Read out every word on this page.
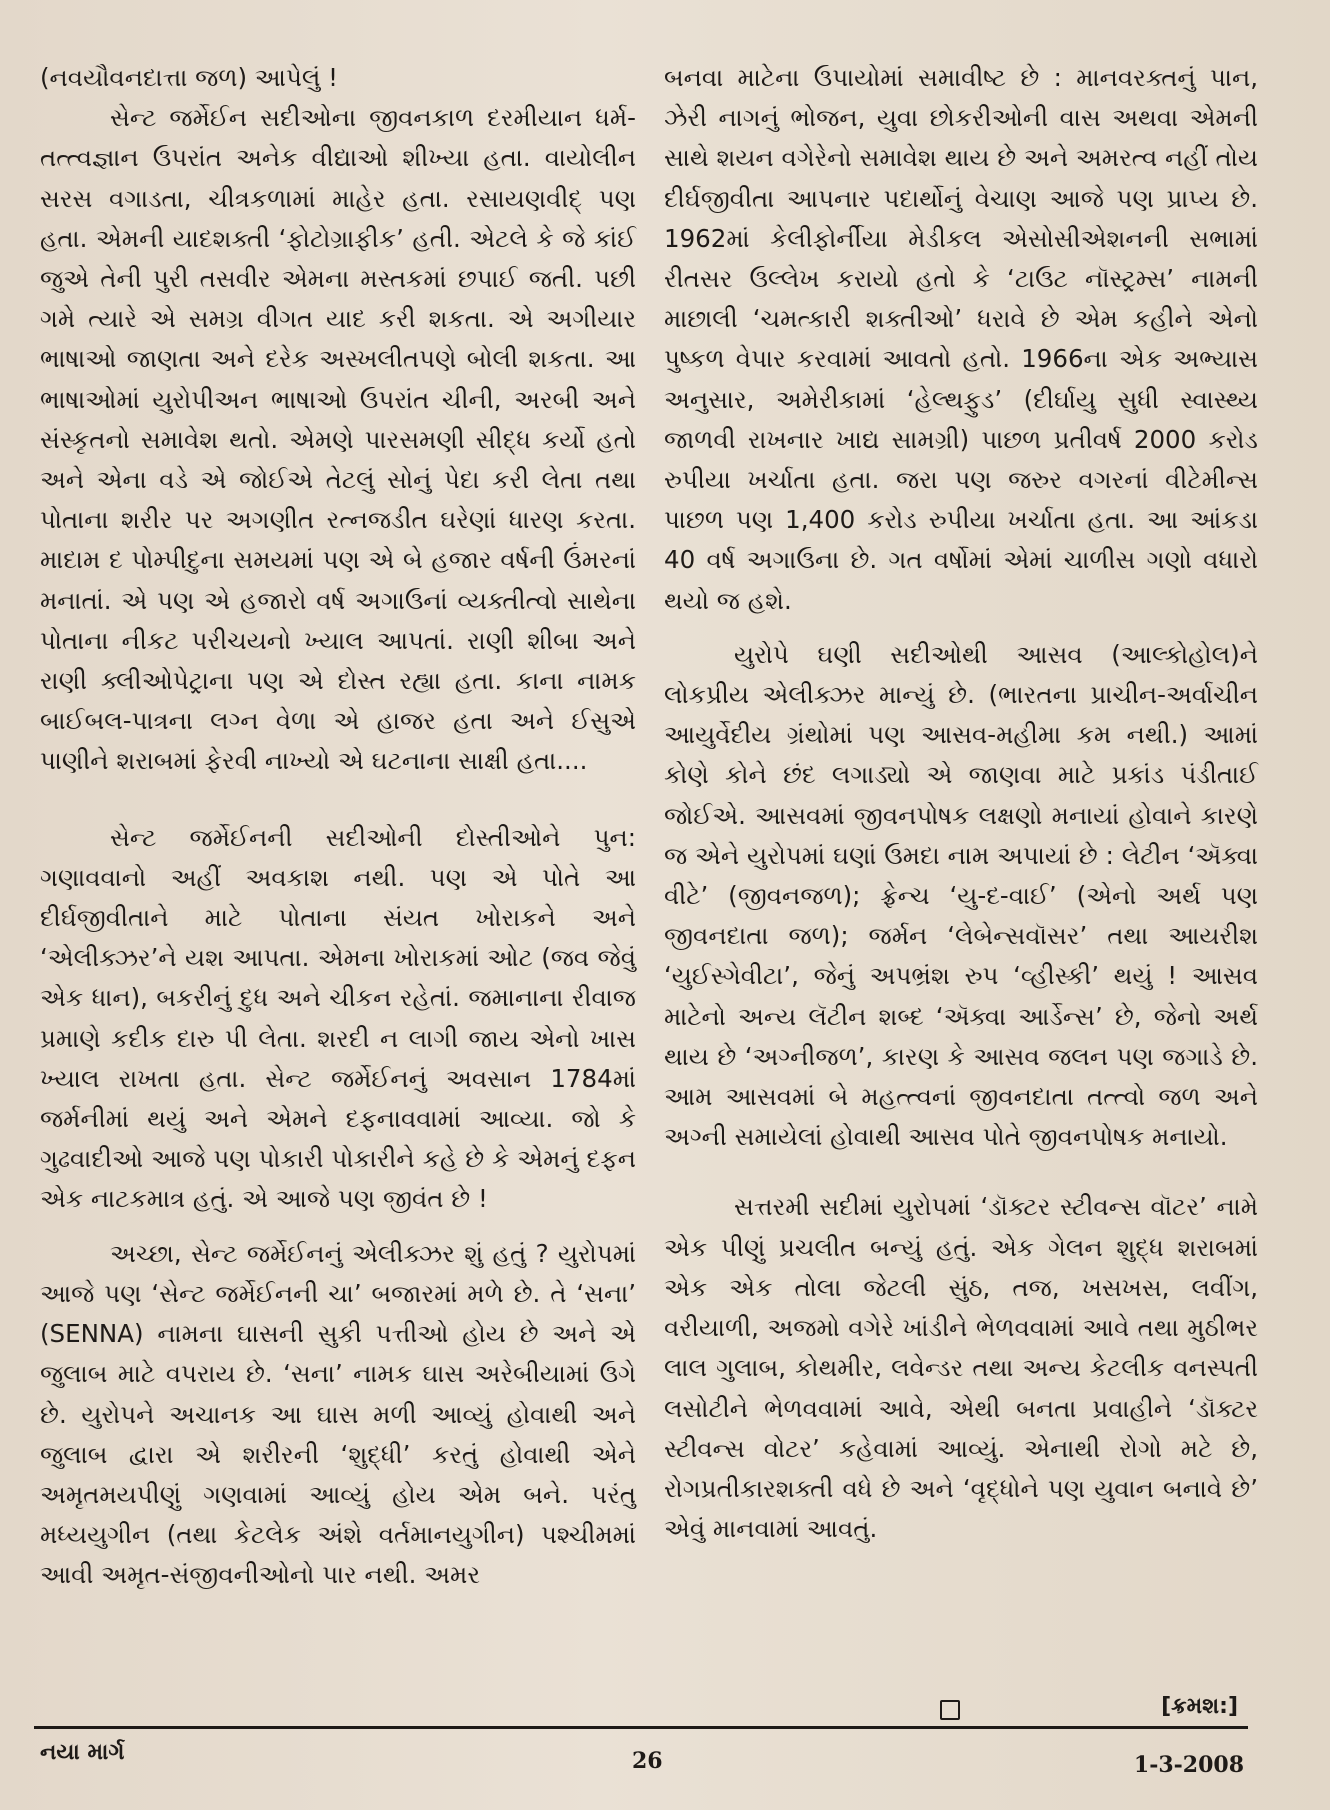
(નવયૌવનદાત્તા જળ) આપેલું !

સેન્ટ જર્મેઈન સદીઓના જીવનકાળ દરમીયાન ધર્મ-તત્ત્વજ્ઞાન ઉપરાંત અનેક વીદ્યાઓ શીખ્યા હતા. વાયોલીન સરસ વગાડતા, ચીત્રકળામાં માહેર હતા. રસાયણવીદ્ પણ હતા. એમની યાદશક્તી ‘ફોટોગ્રાફીક’ હતી. એટલે કે જે કાંઈ જુએ તેની પુરી તસવીર એમના મસ્તકમાં છપાઈ જતી. પછી ગમે ત્યારે એ સમગ્ર વીગત યાદ કરી શકતા. એ અગીયાર ભાષાઓ જાણતા અને દરેક અસ્ખલીતપણે બોલી શકતા. આ ભાષાઓમાં યુરોપીઅન ભાષાઓ ઉપરાંત ચીની, અરબી અને સંસ્કૃતનો સમાવેશ થતો. એમણે પારસમણી સીદ્ધ કર્યો હતો અને એના વડે એ જોઈએ તેટલું સોનું પેદા કરી લેતા તથા પોતાના શરીર પર અગણીત રત્નજડીત ઘરેણાં ધારણ કરતા. માદામ દ પોમ્પીદુના સમયમાં પણ એ બે હજાર વર્ષની ઉંમરનાં મનાતાં. એ પણ એ હજારો વર્ષ અગાઉનાં વ્યક્તીત્વો સાથેના પોતાના નીકટ પરીચયનો ખ્યાલ આપતાં. રાણી શીબા અને રાણી ક્લીઓપેટ્રાના પણ એ દોસ્ત રહ્યા હતા. કાના નામક બાઈબલ-પાત્રના લગ્ન વેળા એ હાજર હતા અને ઈસુએ પાણીને શરાબમાં ફેરવી નાખ્યો એ ઘટનાના સાક્ષી હતા....

સેન્ટ જર્મેઈનની સદીઓની દોસ્તીઓને પુન: ગણાવવાનો અહીં અવકાશ નથી. પણ એ પોતે આ દીર્ઘજીવીતાને માટે પોતાના સંયત ખોરાકને અને ‘એલીક્ઝર’ને યશ આપતા. એમના ખોરાકમાં ઓટ (જવ જેવું એક ધાન), બકરીનું દુધ અને ચીકન રહેતાં. જમાનાના રીવાજ પ્રમાણે કદીક દારુ પી લેતા. શરદી ન લાગી જાય એનો ખાસ ખ્યાલ રાખતા હતા. સેન્ટ જર્મેઈનનું અવસાન 1784માં જર્મનીમાં થયું અને એમને દફનાવવામાં આવ્યા. જો કે ગુઢવાદીઓ આજે પણ પોકારી પોકારીને કહે છે કે એમનું દફન એક નાટકમાત્ર હતું. એ આજે પણ જીવંત છે !

અચ્છા, સેન્ટ જર્મેઈનનું એલીક્ઝર શું હતું ? યુરોપમાં આજે પણ ‘સેન્ટ જર્મેઈનની ચા’ બજારમાં મળે છે. તે ‘સના’ (SENNA) નામના ઘાસની સુકી પત્તીઓ હોય છે અને એ જુલાબ માટે વપરાય છે. ‘સના’ નામક ઘાસ અરેબીયામાં ઉગે છે. યુરોપને અચાનક આ ઘાસ મળી આવ્યું હોવાથી અને જુલાબ દ્વારા એ શરીરની ‘શુદ્ધી’ કરતું હોવાથી એને અમૃતમયપીણું ગણવામાં આવ્યું હોય એમ બને. પરંતુ મધ્યયુગીન (તથા કેટલેક અંશે વર્તમાનયુગીન) પશ્ચીમમાં આવી અમૃત-સંજીવનીઓનો પાર નથી. અમર

બનવા માટેના ઉપાયોમાં સમાવીષ્ટ છે : માનવરક્તનું પાન, ઝેરી નાગનું ભોજન, યુવા છોકરીઓની વાસ અથવા એમની સાથે શયન વગેરેનો સમાવેશ થાય છે અને અમરત્વ નહીં તોય દીર્ઘજીવીતા આપનાર પદાર્થોનું વેચાણ આજે પણ પ્રાપ્ય છે. 1962માં કેલીફોર્નીયા મેડીકલ એસોસીએશનની સભામાં રીતસર ઉલ્લેખ કરાયો હતો કે ‘ટાઉટ નૉસ્ટ્રમ્સ’ નામની માછાલી ‘ચમત્કારી શક્તીઓ’ ધરાવે છે એમ કહીને એનો પુષ્કળ વેપાર કરવામાં આવતો હતો. 1966ના એક અભ્યાસ અનુસાર, અમેરીકામાં ‘હેલ્થફુડ’ (દીર્ઘાયુ સુધી સ્વાસ્થ્ય જાળવી રાખનાર ખાદ્ય સામગ્રી) પાછળ પ્રતીવર્ષ 2000 કરોડ રુપીયા ખર્ચાતા હતા. જરા પણ જરુર વગરનાં વીટેમીન્સ પાછળ પણ 1,400 કરોડ રુપીયા ખર્ચાતા હતા. આ આંકડા 40 વર્ષ અગાઉના છે. ગત વર્ષોમાં એમાં ચાળીસ ગણો વધારો થયો જ હશે.

યુરોપે ઘણી સદીઓથી આસવ (આલ્કોહોલ)ને લોકપ્રીય એલીક્ઝર માન્યું છે. (ભારતના પ્રાચીન-અર્વાચીન આયુર્વેદીય ગ્રંથોમાં પણ આસવ-મહીમા કમ નથી.) આમાં કોણે કોને છંદ લગાડ્યો એ જાણવા માટે પ્રકાંડ પંડીતાઈ જોઈએ. આસવમાં જીવનપોષક લક્ષણો મનાયાં હોવાને કારણે જ એને યુરોપમાં ઘણાં ઉમદા નામ અપાયાં છે : લેટીન ‘ઍક્વા વીટે’ (જીવનજળ); ફ્રેન્ચ ‘યુ-દ-વાઈ’ (એનો અર્થ પણ જીવનદાતા જળ); જર્મન ‘લેબેન્સવૉસર’ તથા આયરીશ ‘યુઈસ્ગેવીટા’, જેનું અપભ્રંશ રુપ ‘વ્હીસ્કી’ થયું ! આસવ માટેનો અન્ય લૅટીન શબ્દ ‘ઍક્વા આર્ડેન્સ’ છે, જેનો અર્થ થાય છે ‘અગ્નીજળ’, કારણ કે આસવ જલન પણ જગાડે છે. આમ આસવમાં બે મહત્ત્વનાં જીવનદાતા તત્ત્વો જળ અને અગ્ની સમાયેલાં હોવાથી આસવ પોતે જીવનપોષક મનાયો.

સત્તરમી સદીમાં યુરોપમાં ‘ડૉક્ટર સ્ટીવન્સ વૉટર’ નામે એક પીણું પ્રચલીત બન્યું હતું. એક ગેલન શુદ્ધ શરાબમાં એક એક તોલા જેટલી સુંઠ, તજ, ખસખસ, લવીંગ, વરીયાળી, અજમો વગેરે ખાંડીને ભેળવવામાં આવે તથા મુઠીભર લાલ ગુલાબ, કોથમીર, લવેન્ડર તથા અન્ય કેટલીક વનસ્પતી લસોટીને ભેળવવામાં આવે, એથી બનતા પ્રવાહીને ‘ડૉક્ટર સ્ટીવન્સ વોટર’ કહેવામાં આવ્યું. એનાથી રોગો મટે છે, રોગપ્રતીકારશક્તી વધે છે અને ‘વૃદ્ધોને પણ યુવાન બનાવે છે’ એવું માનવામાં આવતું.

[ક્રમશ:]
નયા માર્ગ	26	1-3-2008
